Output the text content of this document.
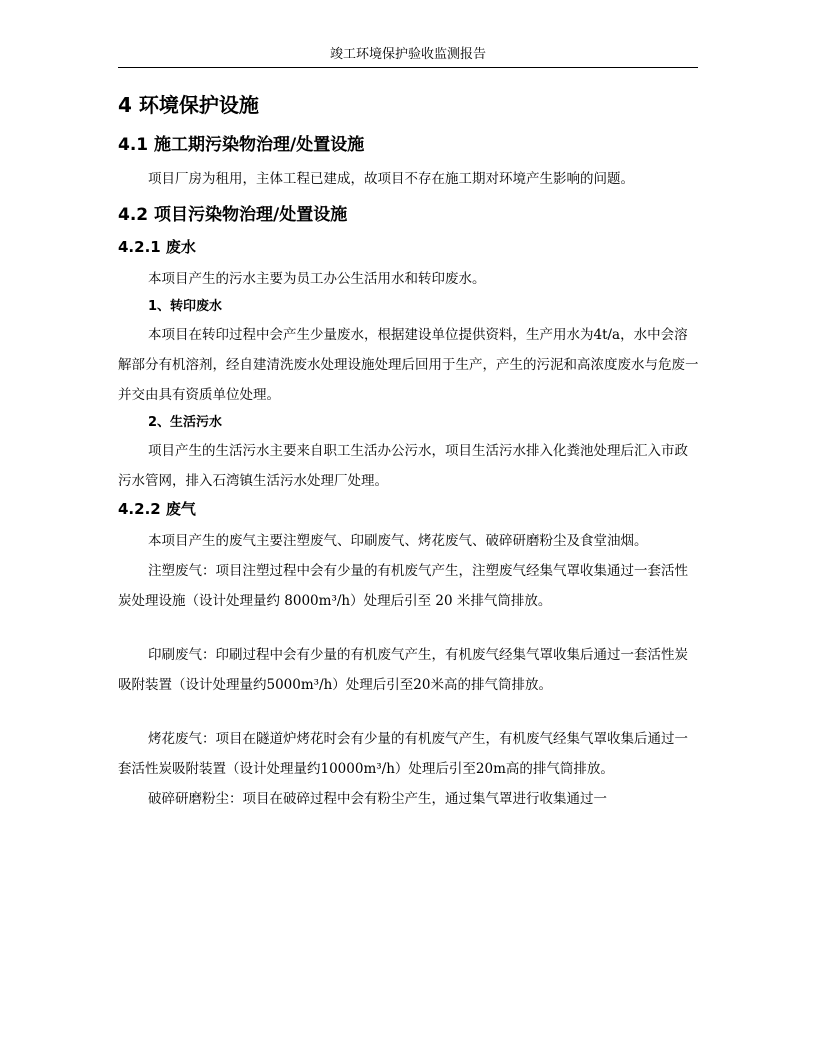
竣工环境保护验收监测报告
4 环境保护设施
4.1 施工期污染物治理/处置设施

项目厂房为租用，主体工程已建成，故项目不存在施工期对环境产生影响的问题。

4.2 项目污染物治理/处置设施
4.2.1 废水

本项目产生的污水主要为员工办公生活用水和转印废水。

1、转印废水

本项目在转印过程中会产生少量废水，根据建设单位提供资料，生产用水为4t/a，水中会溶解部分有机溶剂，经自建清洗废水处理设施处理后回用于生产，产生的污泥和高浓度废水与危废一并交由具有资质单位处理。

2、生活污水

项目产生的生活污水主要来自职工生活办公污水，项目生活污水排入化粪池处理后汇入市政污水管网，排入石湾镇生活污水处理厂处理。

4.2.2 废气

本项目产生的废气主要注塑废气、印刷废气、烤花废气、破碎研磨粉尘及食堂油烟。

注塑废气：项目注塑过程中会有少量的有机废气产生，注塑废气经集气罩收集通过一套活性炭处理设施（设计处理量约 8000m³/h）处理后引至 20 米排气筒排放。

印刷废气：印刷过程中会有少量的有机废气产生，有机废气经集气罩收集后通过一套活性炭吸附装置（设计处理量约5000m³/h）处理后引至20米高的排气筒排放。

烤花废气：项目在隧道炉烤花时会有少量的有机废气产生，有机废气经集气罩收集后通过一套活性炭吸附装置（设计处理量约10000m³/h）处理后引至20m高的排气筒排放。

破碎研磨粉尘：项目在破碎过程中会有粉尘产生，通过集气罩进行收集通过一
